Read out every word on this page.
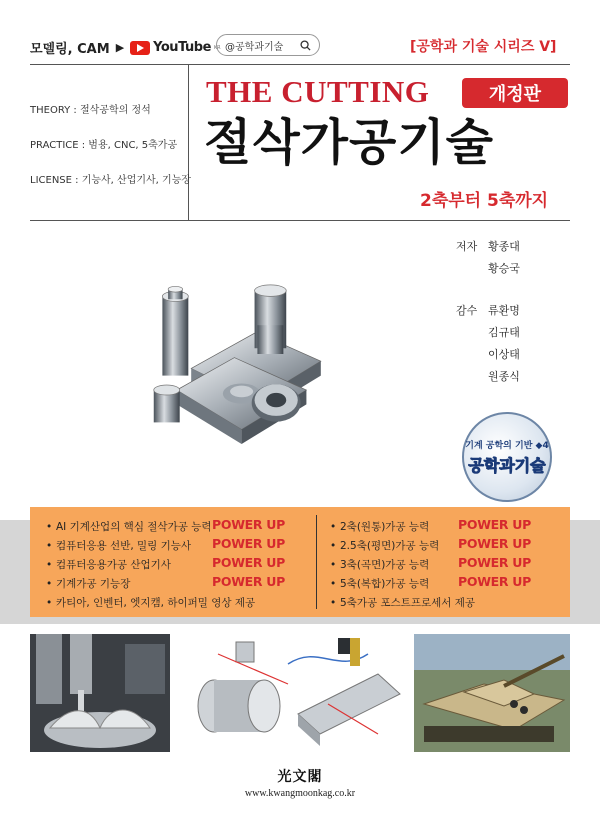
모델링, CAM ▶ YouTube KR @공학과기술	[공학과 기술 시리즈 V]
THEORY : 절삭공학의 정석
PRACTICE : 범용, CNC, 5축가공
LICENSE : 기능사, 산업기사, 기능장
THE CUTTING	개정판
절삭가공기술
2축부터 5축까지
저자 황종대
황승국
감수 류환명
김규태
이상태
원종식
기계 공학의 기반 ◆4
공학과기술
• AI 기계산업의 핵심 절삭가공 능력
• 컴퓨터응용 선반, 밀링 기능사
• 컴퓨터응용가공 산업기사
• 기계가공 기능장
• 카티아, 인벤터, 엣지캠, 하이퍼밀 영상 제공
POWER UP
POWER UP
POWER UP
POWER UP
• 2축(원통)가공 능력
• 2.5축(평면)가공 능력
• 3축(곡면)가공 능력
• 5축(복합)가공 능력
• 5축가공 포스트프로세서 제공
POWER UP
POWER UP
POWER UP
POWER UP
光文閣
www.kwangmoonkag.co.kr
